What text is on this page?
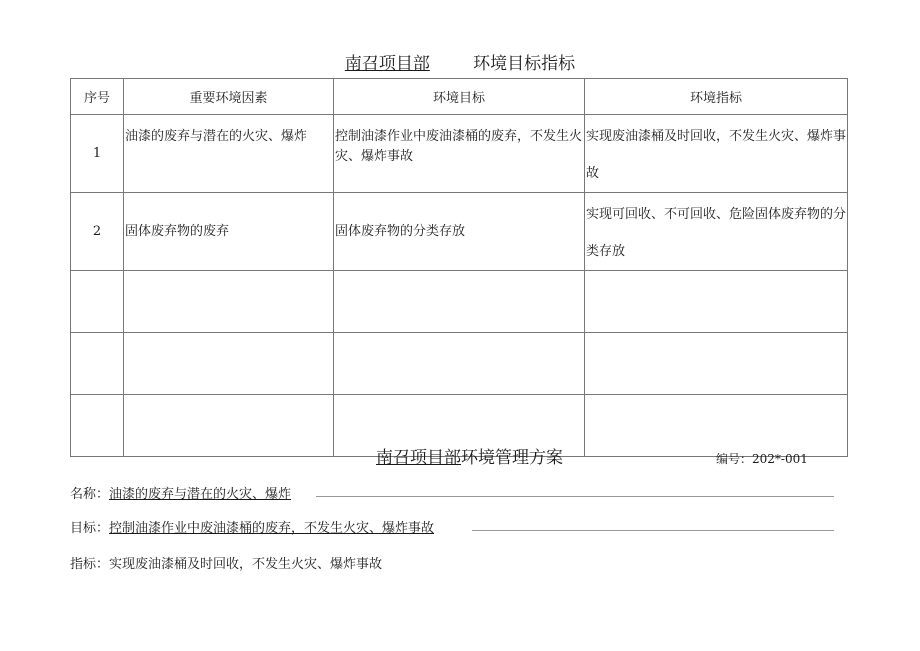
南召项目部	环境目标指标
序号	重要环境因素	环境目标	环境指标
1	油漆的废弃与潜在的火灾、爆炸	控制油漆作业中废油漆桶的废弃，不发生火灾、爆炸事故	实现废油漆桶及时回收，不发生火灾、爆炸事故
2	固体废弃物的废弃	固体废弃物的分类存放	实现可回收、不可回收、危险固体废弃物的分类存放

南召项目部环境管理方案	编号：202*-001
名称：油漆的废弃与潜在的火灾、爆炸
目标：控制油漆作业中废油漆桶的废弃，不发生火灾、爆炸事故
指标：实现废油漆桶及时回收，不发生火灾、爆炸事故
